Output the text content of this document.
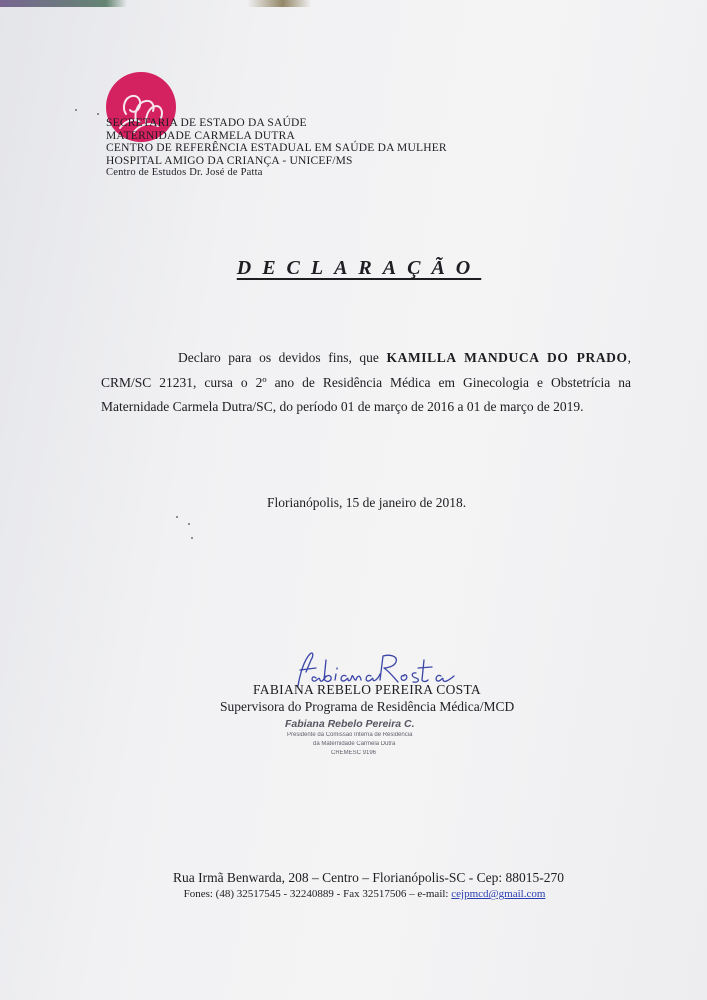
SECRETARIA DE ESTADO DA SAÚDE
MATERNIDADE CARMELA DUTRA
CENTRO DE REFERÊNCIA ESTADUAL EM SAÚDE DA MULHER
HOSPITAL AMIGO DA CRIANÇA - UNICEF/MS
Centro de Estudos Dr. José de Patta
DECLARAÇÃO
Declaro para os devidos fins, que KAMILLA MANDUCA DO PRADO,
CRM/SC 21231, cursa o 2º ano de Residência Médica em Ginecologia e Obstetrícia na
Maternidade Carmela Dutra/SC, do período 01 de março de 2016 a 01 de março de 2019.
Florianópolis, 15 de janeiro de 2018.
FABIANA REBELO PEREIRA COSTA
Supervisora do Programa de Residência Médica/MCD
Fabiana Rebelo Pereira C.
Presidente da Comissão Interna de Residência
da Maternidade Carmela Dutra
CREMESC 9196
Rua Irmã Benwarda, 208 – Centro – Florianópolis-SC - Cep: 88015-270
Fones: (48) 32517545 - 32240889 - Fax 32517506 – e-mail: cejpmcd@gmail.com
